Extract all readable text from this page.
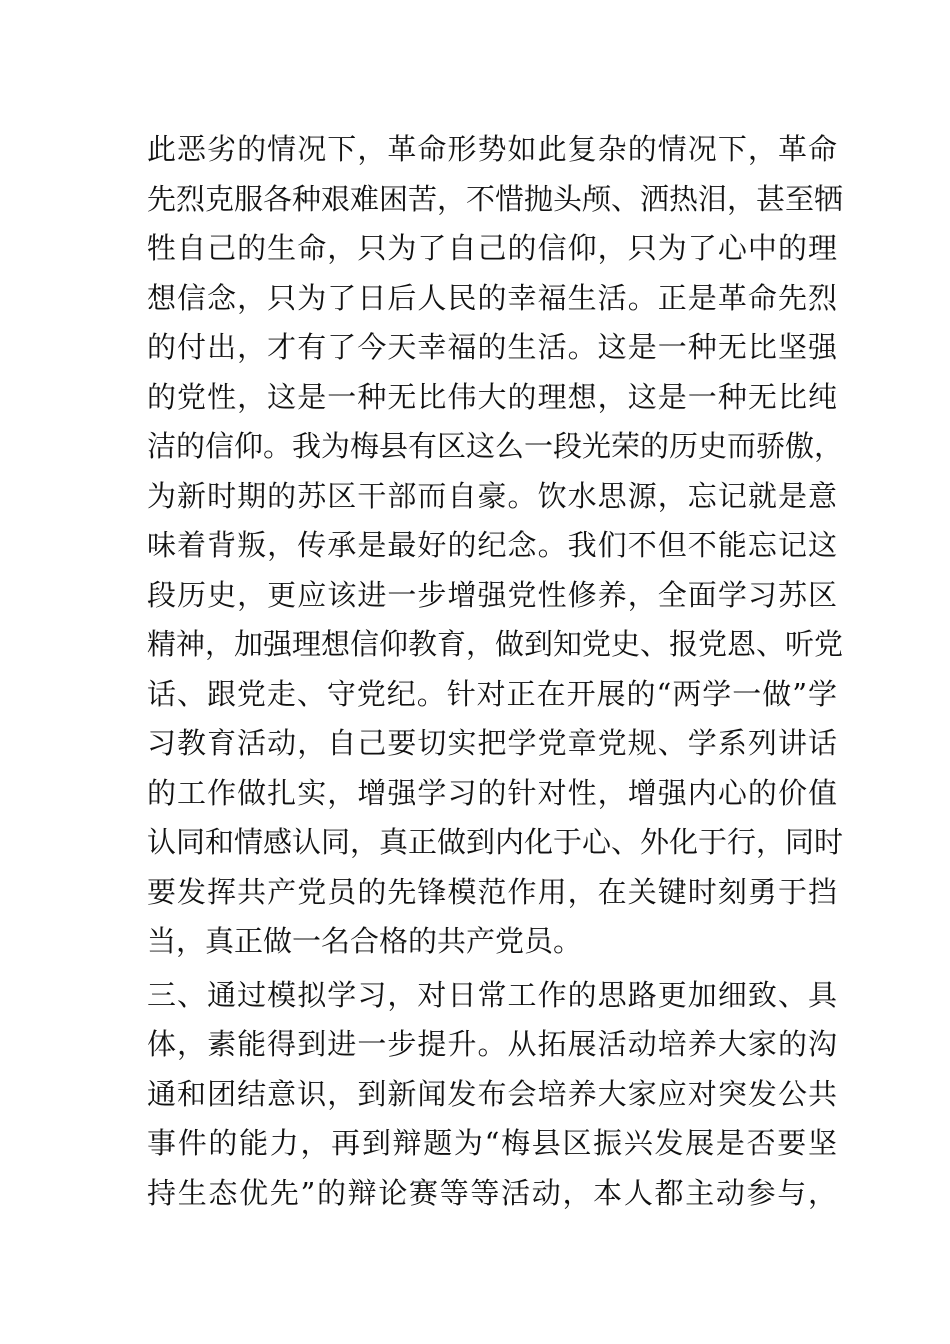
此恶劣的情况下，革命形势如此复杂的情况下，革命
先烈克服各种艰难困苦，不惜抛头颅、洒热泪，甚至牺
牲自己的生命，只为了自己的信仰，只为了心中的理
想信念，只为了日后人民的幸福生活。正是革命先烈
的付出，才有了今天幸福的生活。这是一种无比坚强
的党性，这是一种无比伟大的理想，这是一种无比纯
洁的信仰。我为梅县有区这么一段光荣的历史而骄傲，
为新时期的苏区干部而自豪。饮水思源，忘记就是意
味着背叛，传承是最好的纪念。我们不但不能忘记这
段历史，更应该进一步增强党性修养，全面学习苏区
精神，加强理想信仰教育，做到知党史、报党恩、听党
话、跟党走、守党纪。针对正在开展的“两学一做”学
习教育活动，自己要切实把学党章党规、学系列讲话
的工作做扎实，增强学习的针对性，增强内心的价值
认同和情感认同，真正做到内化于心、外化于行，同时
要发挥共产党员的先锋模范作用，在关键时刻勇于挡
当，真正做一名合格的共产党员。
三、通过模拟学习，对日常工作的思路更加细致、具
体，素能得到进一步提升。从拓展活动培养大家的沟
通和团结意识，到新闻发布会培养大家应对突发公共
事件的能力，再到辩题为“梅县区振兴发展是否要坚
持生态优先”的辩论赛等等活动，本人都主动参与，
